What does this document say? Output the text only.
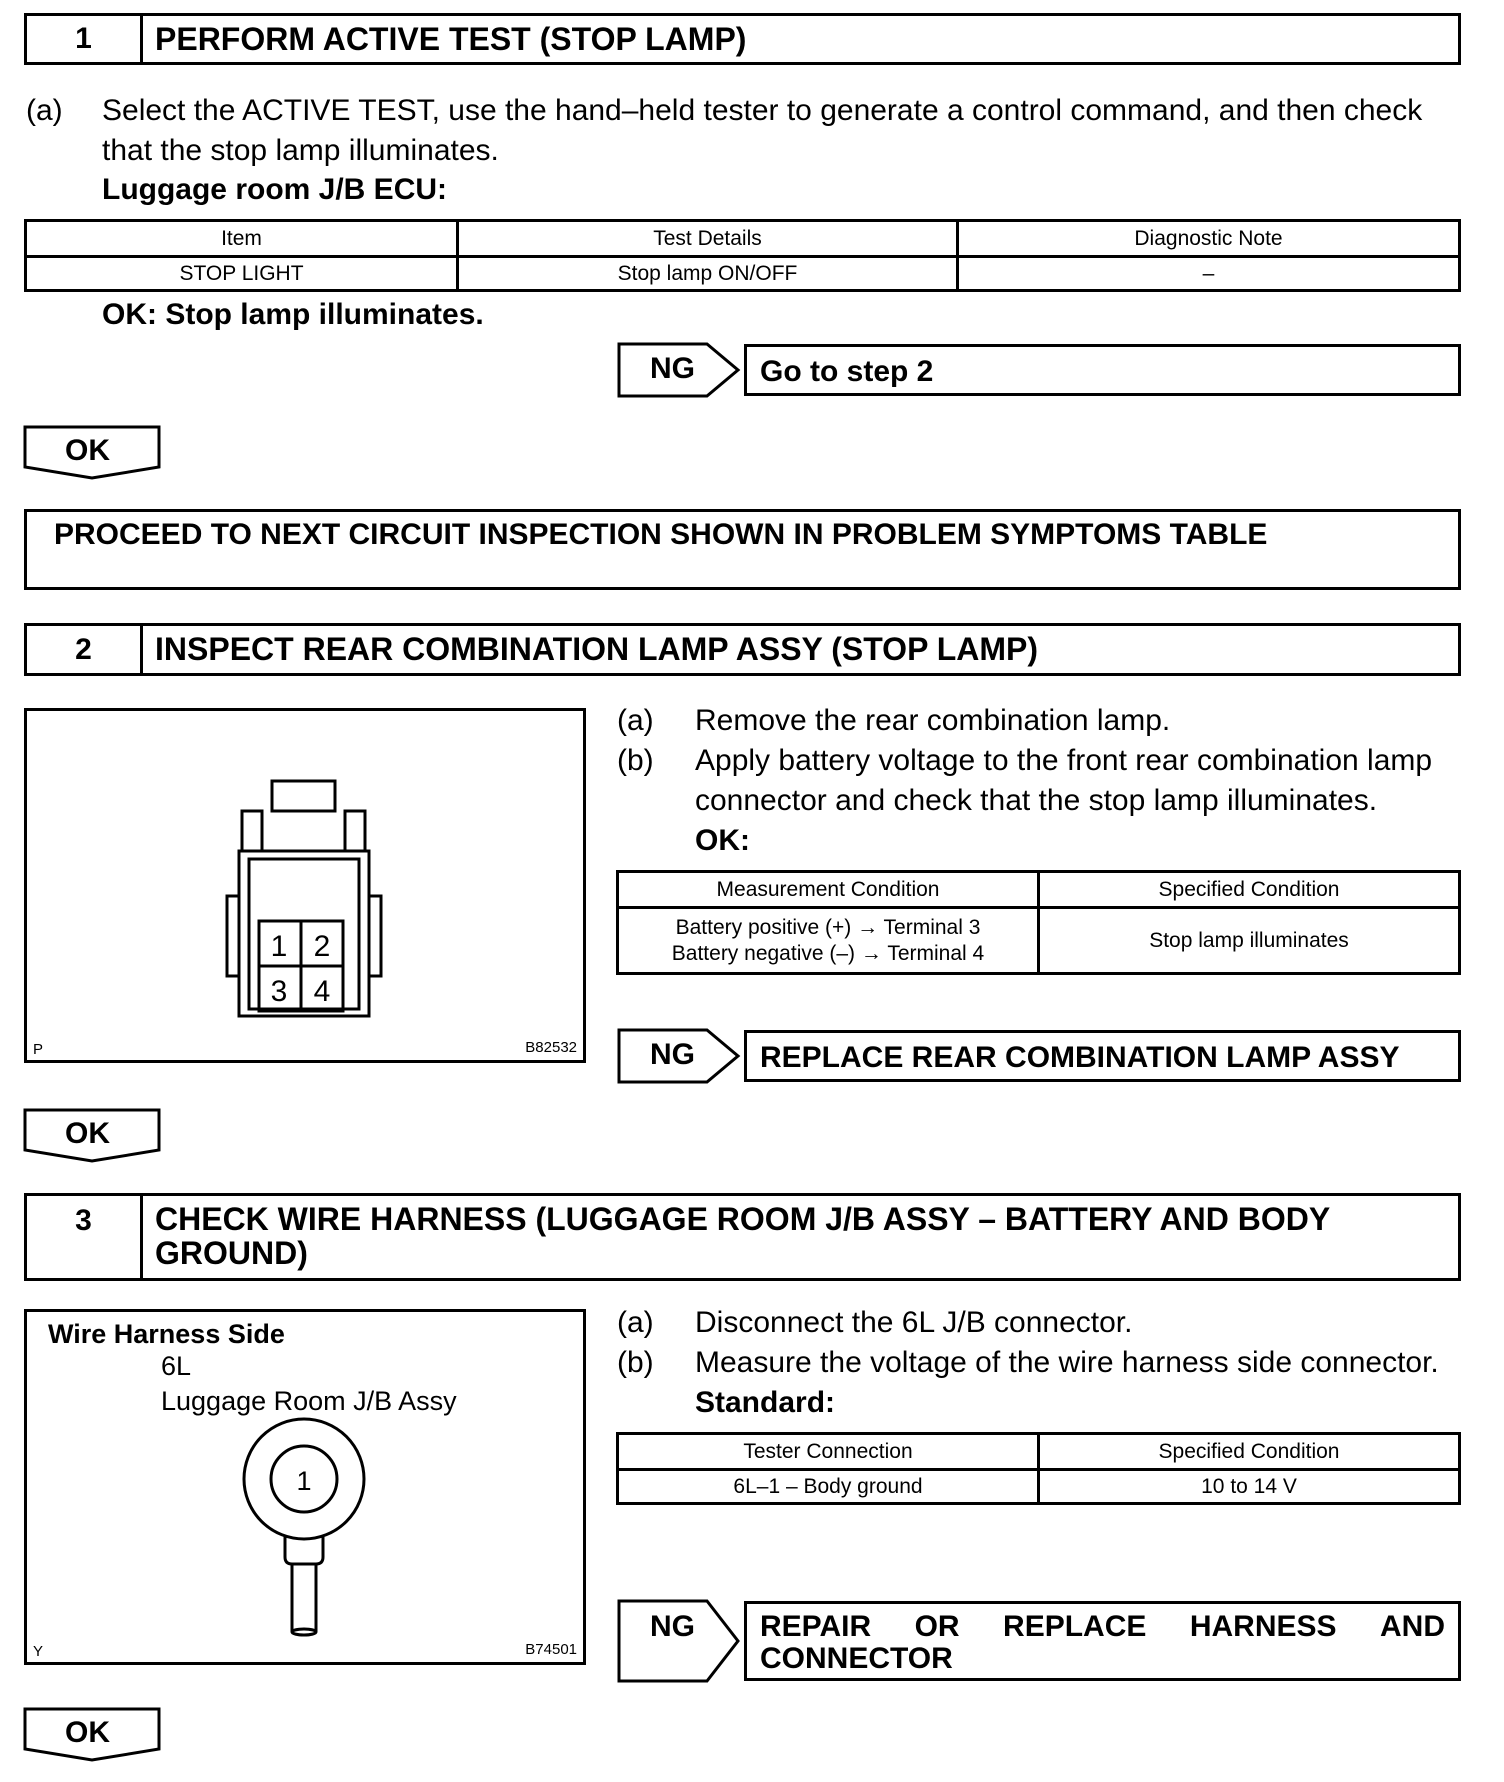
1	PERFORM ACTIVE TEST (STOP LAMP)
(a) Select the ACTIVE TEST, use the hand–held tester to generate a control command, and then check
that the stop lamp illuminates.
Luggage room J/B ECU:
Item	Test Details	Diagnostic Note
STOP LIGHT	Stop lamp ON/OFF	–
OK: Stop lamp illuminates.
NG Go to step 2
OK
PROCEED TO NEXT CIRCUIT INSPECTION SHOWN IN PROBLEM SYMPTOMS TABLE
2	INSPECT REAR COMBINATION LAMP ASSY (STOP LAMP)
1 2
3 4
P	B82532
(a) Remove the rear combination lamp.
(b) Apply battery voltage to the front rear combination lamp
connector and check that the stop lamp illuminates.
OK:
Measurement Condition	Specified Condition

Battery positive (+) → Terminal 3
Battery negative (–) → Terminal 4	Stop lamp illuminates
NG REPLACE REAR COMBINATION LAMP ASSY
OK
3	CHECK WIRE HARNESS (LUGGAGE ROOM J/B ASSY – BATTERY AND BODY
GROUND)
Wire Harness Side
6L
Luggage Room J/B Assy
1
Y	B74501
(a) Disconnect the 6L J/B connector.
(b) Measure the voltage of the wire harness side connector.
Standard:
Tester Connection	Specified Condition
6L–1 – Body ground	10 to 14 V
NG REPAIR OR REPLACE HARNESS AND
CONNECTOR
OK
